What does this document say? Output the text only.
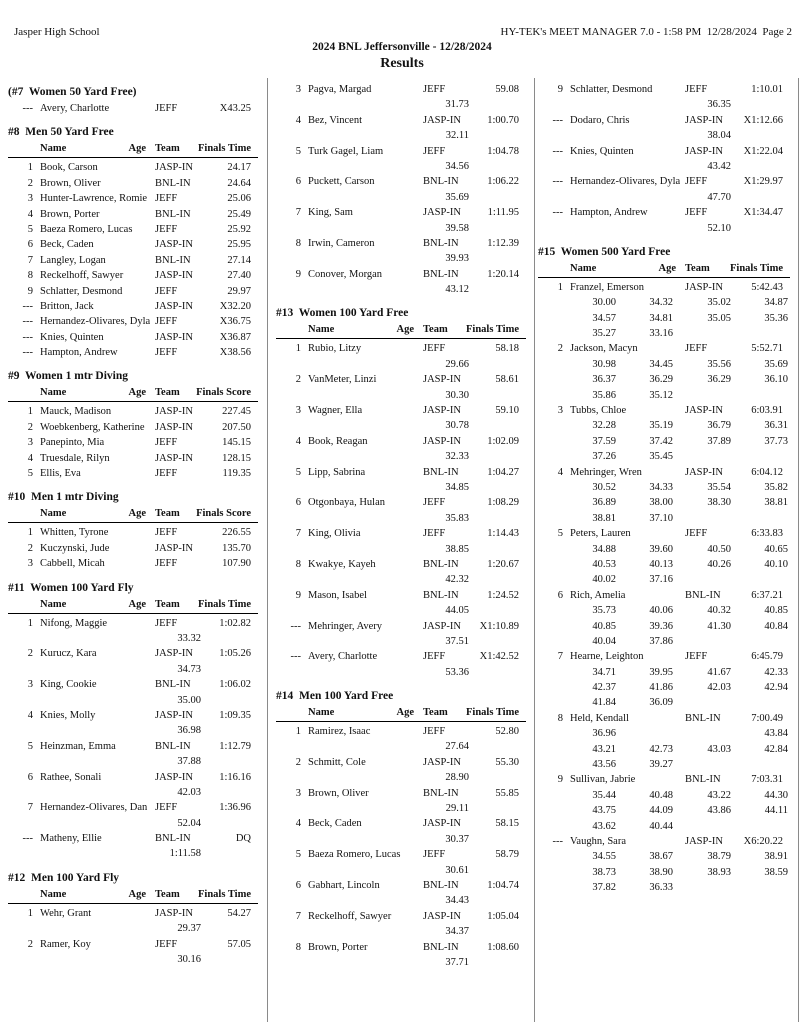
Jasper High School	HY-TEK's MEET MANAGER 7.0 - 1:58 PM  12/28/2024  Page 2
2024 BNL Jeffersonville - 12/28/2024
Results
(#7  Women 50 Yard Free)
--- Avery, Charlotte	JEFF	X43.25
#8  Men 50 Yard Free
Name	Age Team Finals Time
1 Book, Carson	JASP-IN	24.17
2 Brown, Oliver	BNL-IN	24.64
3 Hunter-Lawrence, Romie JEFF	25.06
4 Brown, Porter	BNL-IN	25.49
5 Baeza Romero, Lucas	JEFF	25.92
6 Beck, Caden	JASP-IN	25.95
7 Langley, Logan	BNL-IN	27.14
8 Reckelhoff, Sawyer	JASP-IN	27.40
9 Schlatter, Desmond	JEFF	29.97
--- Britton, Jack	JASP-IN	X32.20
--- Hernandez-Olivares, Dyla JEFF	X36.75
--- Knies, Quinten	JASP-IN	X36.87
--- Hampton, Andrew	JEFF	X38.56
#9  Women 1 mtr Diving
Name	Age Team Finals Score
1 Mauck, Madison	JASP-IN	227.45
2 Woebkenberg, Katherine JASP-IN	207.50
3 Panepinto, Mia	JEFF	145.15
4 Truesdale, Rilyn	JASP-IN	128.15
5 Ellis, Eva	JEFF	119.35
#10  Men 1 mtr Diving
Name	Age Team Finals Score
1 Whitten, Tyrone	JEFF	226.55
2 Kuczynski, Jude	JASP-IN	135.70
3 Cabbell, Micah	JEFF	107.90
#11  Women 100 Yard Fly
Name	Age Team Finals Time
1 Nifong, Maggie	JEFF	1:02.82
33.32
2 Kurucz, Kara	JASP-IN	1:05.26
34.73
3 King, Cookie	BNL-IN	1:06.02
35.00
4 Knies, Molly	JASP-IN	1:09.35
36.98
5 Heinzman, Emma	BNL-IN	1:12.79
37.88
6 Rathee, Sonali	JASP-IN	1:16.16
42.03
7 Hernandez-Olivares, Dan JEFF	1:36.96
52.04
--- Matheny, Ellie	BNL-IN	DQ
1:11.58
#12  Men 100 Yard Fly
Name	Age Team Finals Time
1 Wehr, Grant	JASP-IN	54.27
29.37
2 Ramer, Koy	JEFF	57.05
30.16
3 Pagva, Margad	JEFF	59.08
31.73
4 Bez, Vincent	JASP-IN	1:00.70
32.11
5 Turk Gagel, Liam	JEFF	1:04.78
34.56
6 Puckett, Carson	BNL-IN	1:06.22
35.69
7 King, Sam	JASP-IN	1:11.95
39.58
8 Irwin, Cameron	BNL-IN	1:12.39
39.93
9 Conover, Morgan	BNL-IN	1:20.14
43.12
#13  Women 100 Yard Free
Name	Age Team Finals Time
1 Rubio, Litzy	JEFF	58.18
29.66
2 VanMeter, Linzi	JASP-IN	58.61
30.30
3 Wagner, Ella	JASP-IN	59.10
30.78
4 Book, Reagan	JASP-IN	1:02.09
32.33
5 Lipp, Sabrina	BNL-IN	1:04.27
34.85
6 Otgonbaya, Hulan	JEFF	1:08.29
35.83
7 King, Olivia	JEFF	1:14.43
38.85
8 Kwakye, Kayeh	BNL-IN	1:20.67
42.32
9 Mason, Isabel	BNL-IN	1:24.52
44.05
--- Mehringer, Avery	JASP-IN X1:10.89
37.51
--- Avery, Charlotte	JEFF	X1:42.52
53.36
#14  Men 100 Yard Free
Name	Age Team Finals Time
1 Ramirez, Isaac	JEFF	52.80
27.64
2 Schmitt, Cole	JASP-IN	55.30
28.90
3 Brown, Oliver	BNL-IN	55.85
29.11
4 Beck, Caden	JASP-IN	58.15
30.37
5 Baeza Romero, Lucas	JEFF	58.79
30.61
6 Gabhart, Lincoln	BNL-IN	1:04.74
34.43
7 Reckelhoff, Sawyer	JASP-IN	1:05.04
34.37
8 Brown, Porter	BNL-IN	1:08.60
37.71
9 Schlatter, Desmond	JEFF	1:10.01
36.35
--- Dodaro, Chris	JASP-IN X1:12.66
38.04
--- Knies, Quinten	JASP-IN X1:22.04
43.42
--- Hernandez-Olivares, Dyla JEFF	X1:29.97
47.70
--- Hampton, Andrew	JEFF	X1:34.47
52.10
#15  Women 500 Yard Free
Name	Age Team Finals Time
1 Franzel, Emerson	JASP-IN	5:42.43
30.00	34.32	35.02	34.87
34.57	34.81	35.05	35.36
35.27	33.16
2 Jackson, Macyn	JEFF	5:52.71
30.98	34.45	35.56	35.69
36.37	36.29	36.29	36.10
35.86	35.12
3 Tubbs, Chloe	JASP-IN	6:03.91
32.28	35.19	36.79	36.31
37.59	37.42	37.89	37.73
37.26	35.45
4 Mehringer, Wren	JASP-IN	6:04.12
30.52	34.33	35.54	35.82
36.89	38.00	38.30	38.81
38.81	37.10
5 Peters, Lauren	JEFF	6:33.83
34.88	39.60	40.50	40.65
40.53	40.13	40.26	40.10
40.02	37.16
6 Rich, Amelia	BNL-IN	6:37.21
35.73	40.06	40.32	40.85
40.85	39.36	41.30	40.84
40.04	37.86
7 Hearne, Leighton	JEFF	6:45.79
34.71	39.95	41.67	42.33
42.37	41.86	42.03	42.94
41.84	36.09
8 Held, Kendall	BNL-IN	7:00.49
36.96	43.84
43.21	42.73	43.03	42.84
43.56	39.27
9 Sullivan, Jabrie	BNL-IN	7:03.31
35.44	40.48	43.22	44.30
43.75	44.09	43.86	44.11
43.62	40.44
--- Vaughn, Sara	JASP-IN X6:20.22
34.55	38.67	38.79	38.91
38.73	38.90	38.93	38.59
37.82	36.33
